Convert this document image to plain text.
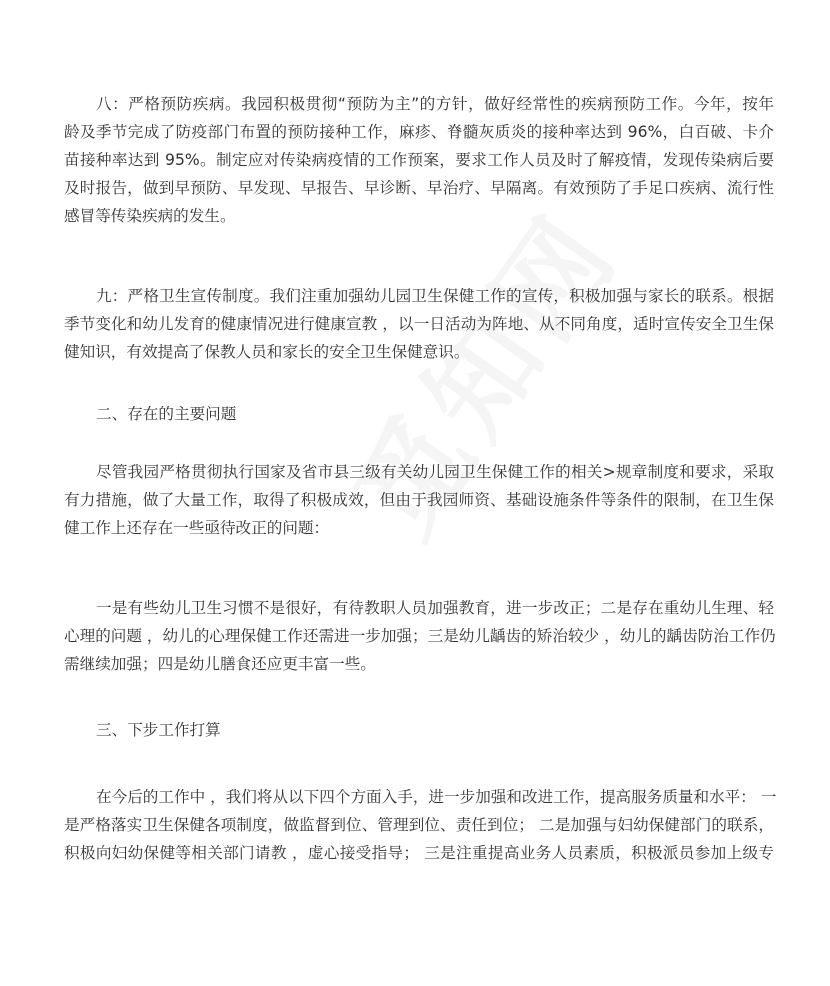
八：严格预防疾病。我园积极贯彻“预防为主”的方针，做好经常性的疾病预防工作。今年，按年
龄及季节完成了防疫部门布置的预防接种工作，麻疹、脊髓灰质炎的接种率达到 96%，白百破、卡介
苗接种率达到 95%。制定应对传染病疫情的工作预案，要求工作人员及时了解疫情，发现传染病后要
及时报告，做到早预防、早发现、早报告、早诊断、早治疗、早隔离。有效预防了手足口疾病、流行性
感冒等传染疾病的发生。
九：严格卫生宣传制度。我们注重加强幼儿园卫生保健工作的宣传，积极加强与家长的联系。根据
季节变化和幼儿发育的健康情况进行健康宣教 ，以一日活动为阵地、从不同角度，适时宣传安全卫生保
健知识，有效提高了保教人员和家长的安全卫生保健意识。
二、存在的主要问题
尽管我园严格贯彻执行国家及省市县三级有关幼儿园卫生保健工作的相关>规章制度和要求，采取
有力措施，做了大量工作，取得了积极成效，但由于我园师资、基础设施条件等条件的限制，在卫生保
健工作上还存在一些亟待改正的问题：
一是有些幼儿卫生习惯不是很好，有待教职人员加强教育，进一步改正；二是存在重幼儿生理、轻
心理的问题 ，幼儿的心理保健工作还需进一步加强；三是幼儿龋齿的矫治较少 ，幼儿的龋齿防治工作仍
需继续加强；四是幼儿膳食还应更丰富一些。
三、下步工作打算
在今后的工作中 ，我们将从以下四个方面入手，进一步加强和改进工作，提高服务质量和水平： 一
是严格落实卫生保健各项制度，做监督到位、管理到位、责任到位； 二是加强与妇幼保健部门的联系，
积极向妇幼保健等相关部门请教 ，虚心接受指导； 三是注重提高业务人员素质，积极派员参加上级专
